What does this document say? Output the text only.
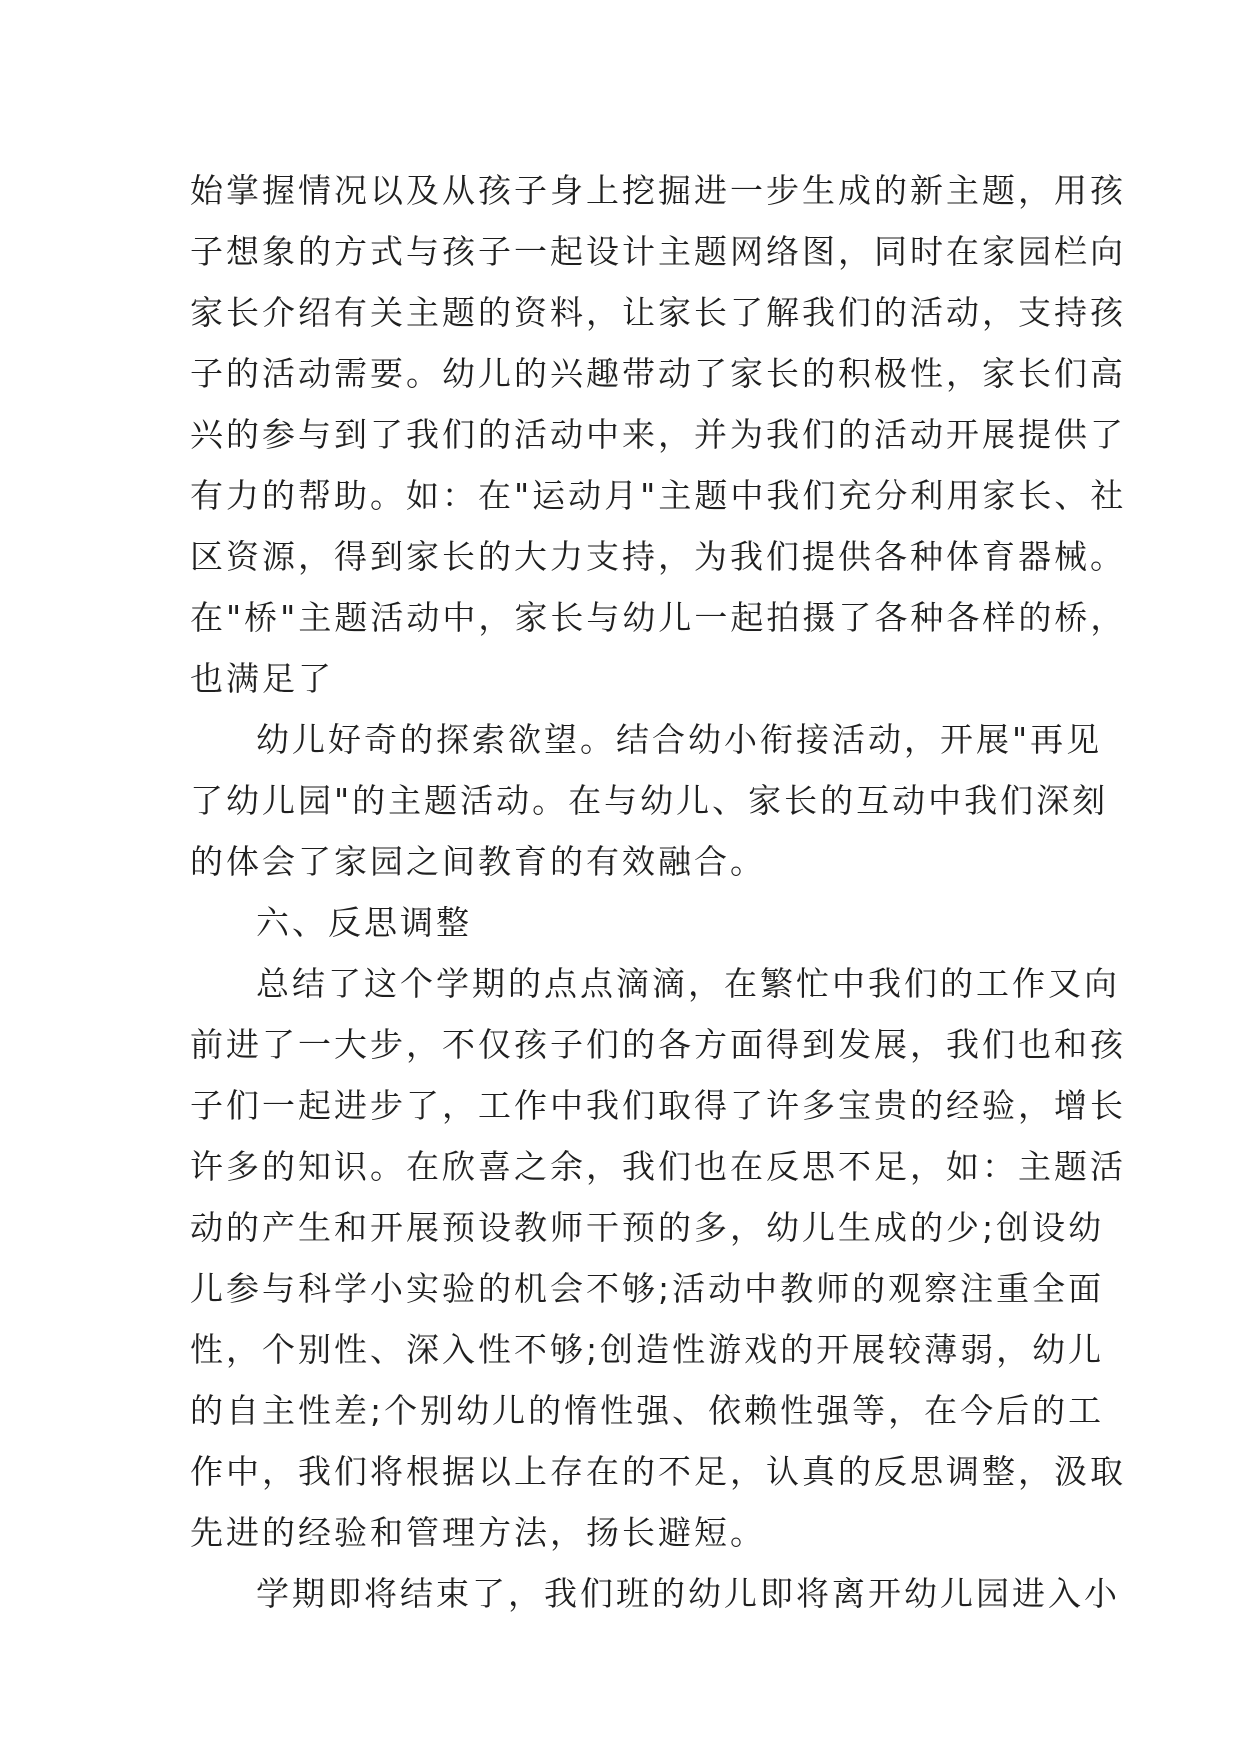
始掌握情况以及从孩子身上挖掘进一步生成的新主题，用孩
子想象的方式与孩子一起设计主题网络图，同时在家园栏向
家长介绍有关主题的资料，让家长了解我们的活动，支持孩
子的活动需要。幼儿的兴趣带动了家长的积极性，家长们高
兴的参与到了我们的活动中来，并为我们的活动开展提供了
有力的帮助。如：在"运动月"主题中我们充分利用家长、社
区资源，得到家长的大力支持，为我们提供各种体育器械。
在"桥"主题活动中，家长与幼儿一起拍摄了各种各样的桥，
也满足了
幼儿好奇的探索欲望。结合幼小衔接活动，开展"再见
了幼儿园"的主题活动。在与幼儿、家长的互动中我们深刻
的体会了家园之间教育的有效融合。
六、反思调整
总结了这个学期的点点滴滴，在繁忙中我们的工作又向
前进了一大步，不仅孩子们的各方面得到发展，我们也和孩
子们一起进步了，工作中我们取得了许多宝贵的经验，增长
许多的知识。在欣喜之余，我们也在反思不足，如：主题活
动的产生和开展预设教师干预的多，幼儿生成的少;创设幼
儿参与科学小实验的机会不够;活动中教师的观察注重全面
性，个别性、深入性不够;创造性游戏的开展较薄弱，幼儿
的自主性差;个别幼儿的惰性强、依赖性强等，在今后的工
作中，我们将根据以上存在的不足，认真的反思调整，汲取
先进的经验和管理方法，扬长避短。
学期即将结束了，我们班的幼儿即将离开幼儿园进入小
